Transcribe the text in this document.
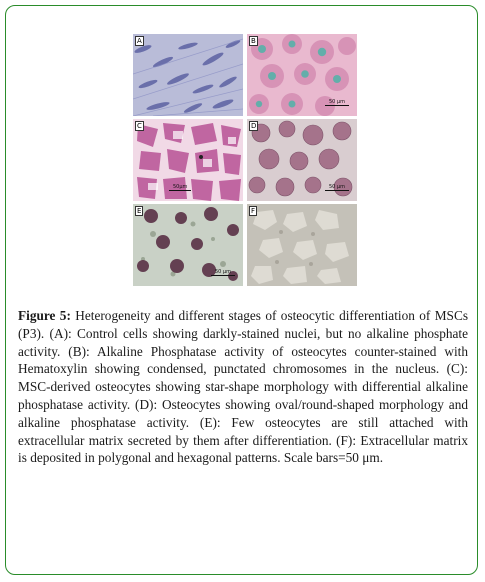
A	B
50 μm
C
50μm
D
50 μm
E
50 μm
F

Figure 5: Heterogeneity and different stages of osteocytic differentiation of MSCs (P3). (A): Control cells showing darkly-stained nuclei, but no alkaline phosphate activity. (B): Alkaline Phosphatase activity of osteocytes counter-stained with Hematoxylin showing condensed, punctated chromosomes in the nucleus. (C): MSC-derived osteocytes showing star-shape morphology with differential alkaline phosphatase activity. (D): Osteocytes showing oval/round-shaped morphology and alkaline phosphatase activity. (E): Few osteocytes are still attached with extracellular matrix secreted by them after differentiation. (F): Extracellular matrix is deposited in polygonal and hexagonal patterns. Scale bars=50 μm.
